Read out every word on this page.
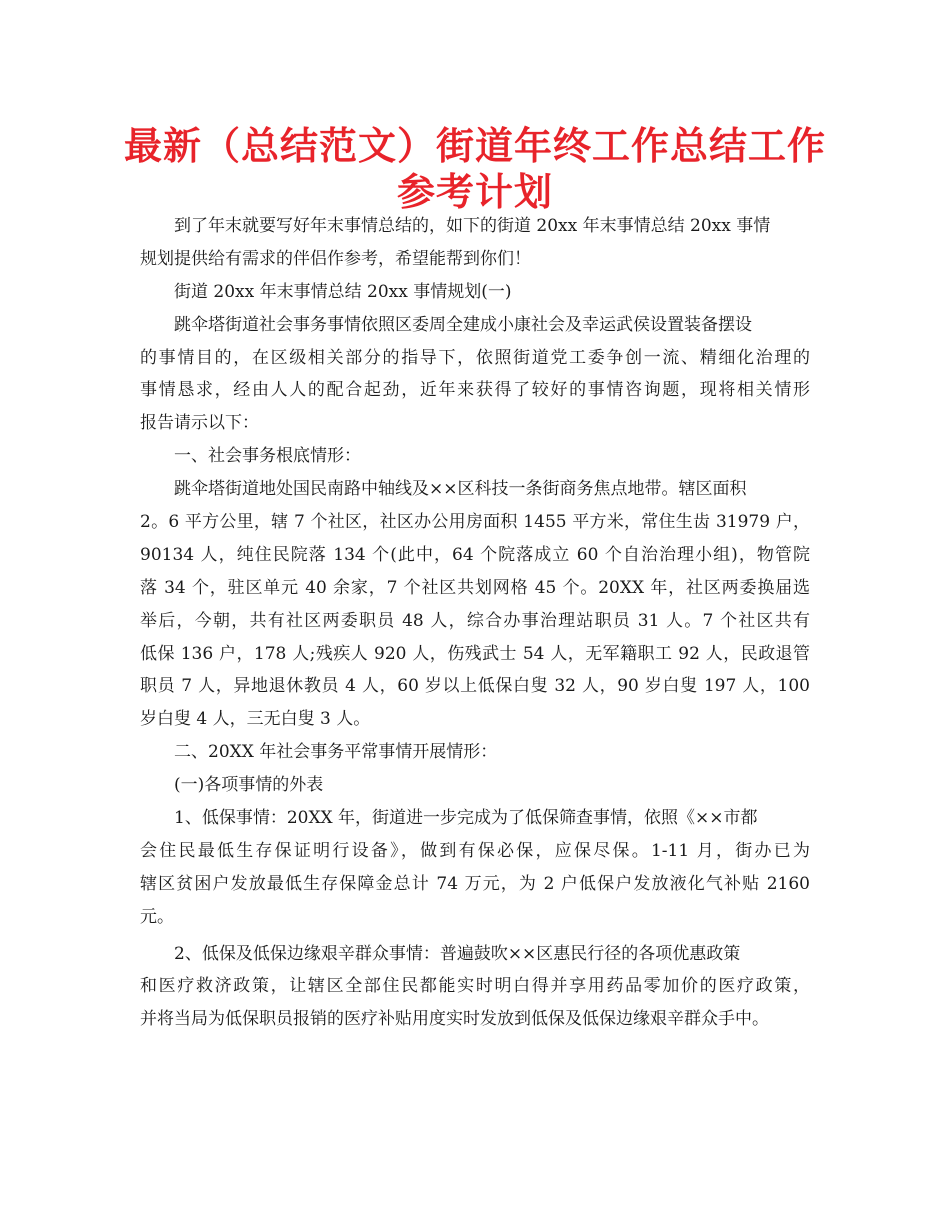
最新（总结范文）街道年终工作总结工作
参考计划
到了年末就要写好年末事情总结的，如下的街道 20xx 年末事情总结 20xx 事情
规划提供给有需求的伴侣作参考，希望能帮到你们！
街道 20xx 年末事情总结 20xx 事情规划(一)
跳伞塔街道社会事务事情依照区委周全建成小康社会及幸运武侯设置装备摆设
的事情目的，在区级相关部分的指导下，依照街道党工委争创一流、精细化治理的
事情恳求，经由人人的配合起劲，近年来获得了较好的事情咨询题，现将相关情形
报告请示以下：
一、社会事务根底情形：
跳伞塔街道地处国民南路中轴线及××区科技一条街商务焦点地带。辖区面积
2。6 平方公里，辖 7 个社区，社区办公用房面积 1455 平方米，常住生齿 31979 户，
90134 人，纯住民院落 134 个(此中，64 个院落成立 60 个自治治理小组)，物管院
落 34 个，驻区单元 40 余家，7 个社区共划网格 45 个。20XX 年，社区两委换届选
举后，今朝，共有社区两委职员 48 人，综合办事治理站职员 31 人。7 个社区共有
低保 136 户，178 人;残疾人 920 人，伤残武士 54 人，无军籍职工 92 人，民政退管
职员 7 人，异地退休教员 4 人，60 岁以上低保白叟 32 人，90 岁白叟 197 人，100
岁白叟 4 人，三无白叟 3 人。
二、20XX 年社会事务平常事情开展情形：
(一)各项事情的外表
1、低保事情：20XX 年，街道进一步完成为了低保筛查事情，依照《××市都
会住民最低生存保证明行设备》，做到有保必保，应保尽保。1-11 月，街办已为
辖区贫困户发放最低生存保障金总计 74 万元，为 2 户低保户发放液化气补贴 2160
元。
2、低保及低保边缘艰辛群众事情：普遍鼓吹××区惠民行径的各项优惠政策
和医疗救济政策，让辖区全部住民都能实时明白得并享用药品零加价的医疗政策，
并将当局为低保职员报销的医疗补贴用度实时发放到低保及低保边缘艰辛群众手中。
